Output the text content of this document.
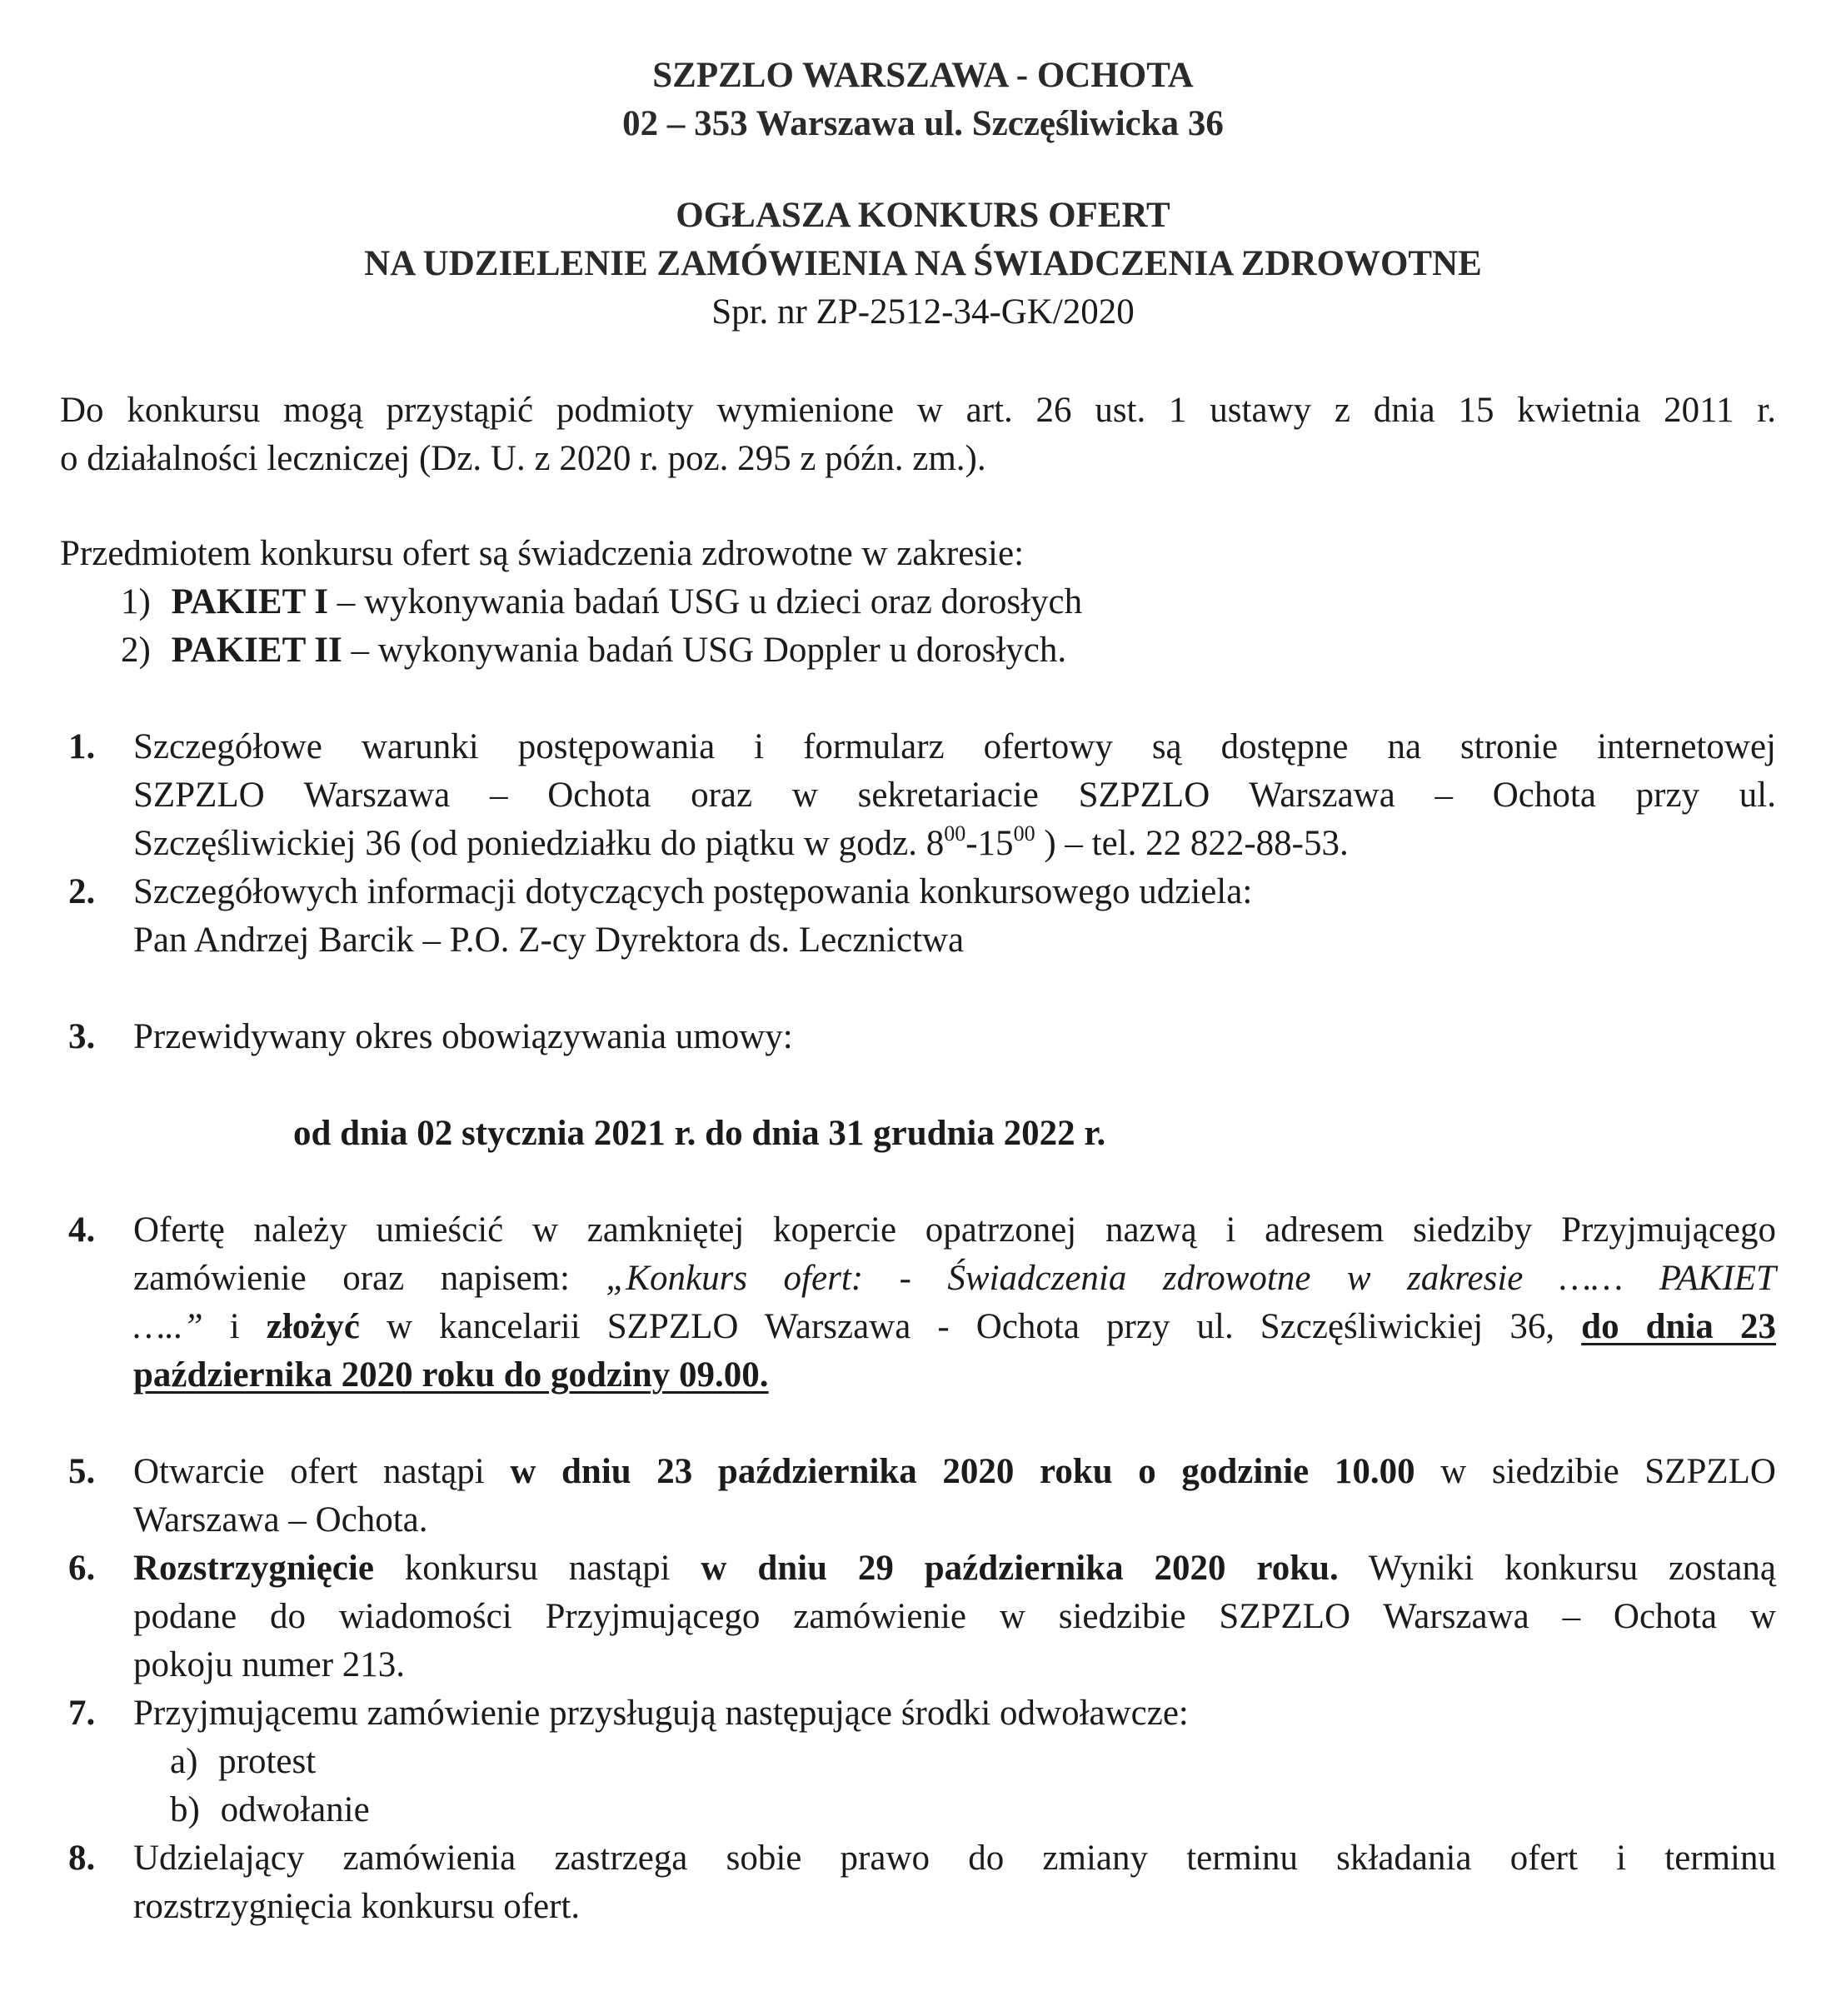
SZPZLO WARSZAWA - OCHOTA
02 – 353 Warszawa ul. Szczęśliwicka 36
OGŁASZA KONKURS OFERT
NA UDZIELENIE ZAMÓWIENIA NA ŚWIADCZENIA ZDROWOTNE
Spr. nr ZP-2512-34-GK/2020
Do konkursu mogą przystąpić podmioty wymienione w art. 26 ust. 1 ustawy z dnia 15 kwietnia 2011 r.
o działalności leczniczej (Dz. U. z 2020 r. poz. 295 z późn. zm.).
Przedmiotem konkursu ofert są świadczenia zdrowotne w zakresie:
1) PAKIET I – wykonywania badań USG u dzieci oraz dorosłych
2) PAKIET II – wykonywania badań USG Doppler u dorosłych.
1. Szczegółowe warunki postępowania i formularz ofertowy są dostępne na stronie internetowej
SZPZLO Warszawa – Ochota oraz w sekretariacie SZPZLO Warszawa – Ochota przy ul.
Szczęśliwickiej 36 (od poniedziałku do piątku w godz. $8^{00}-15^{00}$ ) – tel. 22 822-88-53.
2. Szczegółowych informacji dotyczących postępowania konkursowego udziela:
Pan Andrzej Barcik – P.O. Z-cy Dyrektora ds. Lecznictwa
3. Przewidywany okres obowiązywania umowy:
od dnia 02 stycznia 2021 r. do dnia 31 grudnia 2022 r.
4. Ofertę należy umieścić w zamkniętej kopercie opatrzonej nazwą i adresem siedziby Przyjmującego
zamówienie oraz napisem: „Konkurs ofert: - Świadczenia zdrowotne w zakresie …… PAKIET
…..” i złożyć w kancelarii SZPZLO Warszawa - Ochota przy ul. Szczęśliwickiej 36, do dnia 23
października 2020 roku do godziny 09.00.
5. Otwarcie ofert nastąpi w dniu 23 października 2020 roku o godzinie 10.00 w siedzibie SZPZLO
Warszawa – Ochota.
6. Rozstrzygnięcie konkursu nastąpi w dniu 29 października 2020 roku. Wyniki konkursu zostaną
podane do wiadomości Przyjmującego zamówienie w siedzibie SZPZLO Warszawa – Ochota w
pokoju numer 213.
7. Przyjmującemu zamówienie przysługują następujące środki odwoławcze:
a) protest
b) odwołanie
8. Udzielający zamówienia zastrzega sobie prawo do zmiany terminu składania ofert i terminu
rozstrzygnięcia konkursu ofert.
